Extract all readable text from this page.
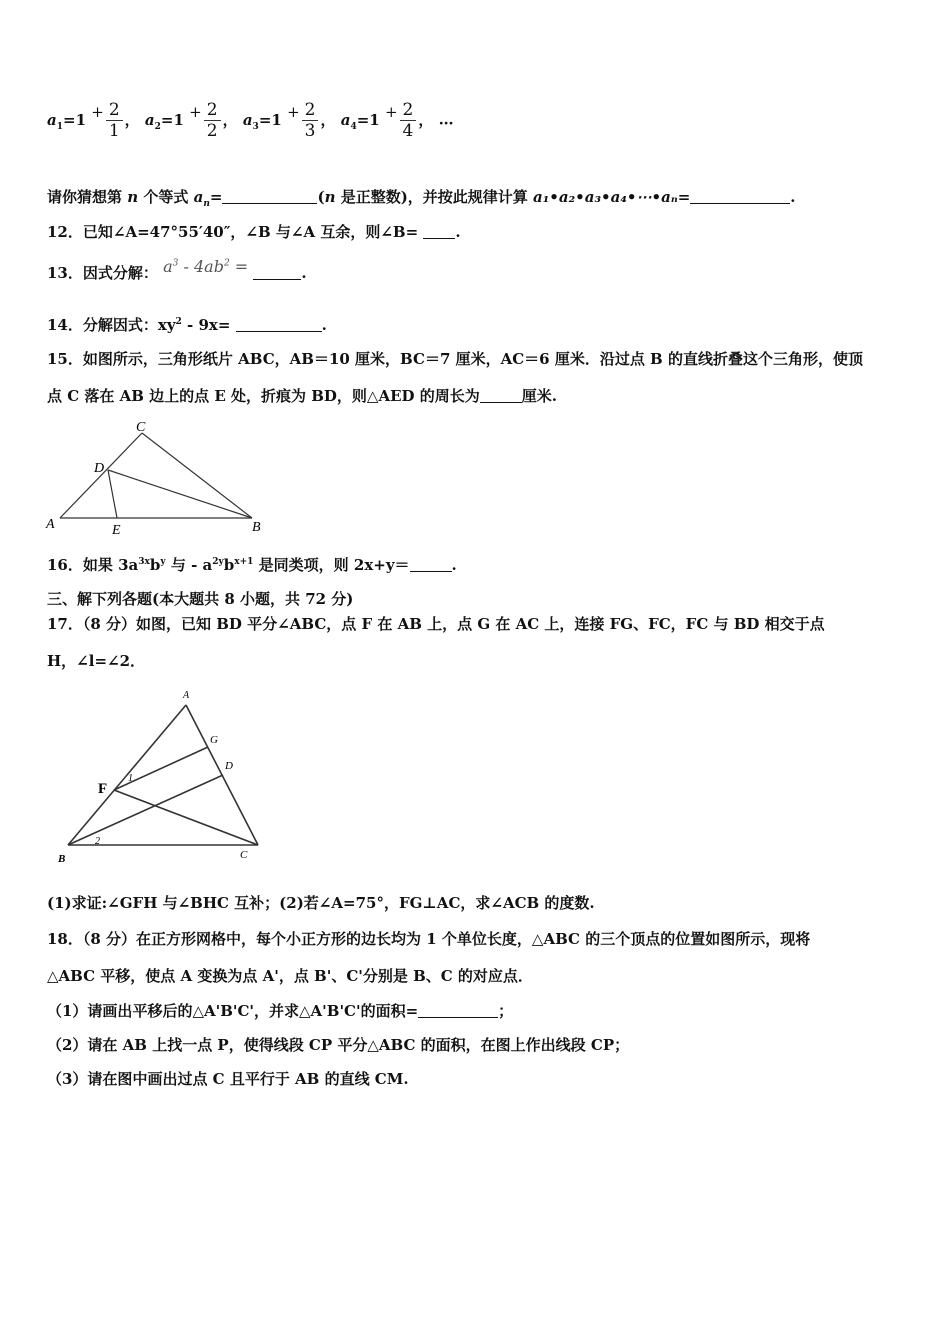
$a_1=1 + \frac{2}{1}$ ， $a_2=1 + \frac{2}{2}$ ， $a_3=1 + \frac{2}{3}$ ， $a_4=1 + \frac{2}{4}$ ， …
请你猜想第 n 个等式 $a_n=$	(n 是正整数)，并按此规律计算 a₁•a₂•a₃•a₄•⋯•aₙ=	.
12．已知∠A=47°55′40″，∠B 与∠A 互余，则∠B= .
13．因式分解： $a^3 - 4ab^2$ =	.
14．分解因式：$xy^2 - 9x=$	.
15．如图所示，三角形纸片 ABC，AB＝10 厘米，BC＝7 厘米，AC＝6 厘米．沿过点 B 的直线折叠这个三角形，使顶
点 C 落在 AB 边上的点 E 处，折痕为 BD，则△AED 的周长为	厘米.
C
D
A	E	B
16．如果 $3a^{3x}b^y$ 与 - $a^{2y}b^{x+1}$ 是同类项，则 2x+y＝	.
三、解下列各题(本大题共 8 小题，共 72 分)
17．（8 分）如图，已知 BD 平分∠ABC，点 F 在 AB 上，点 G 在 AC 上，连接 FG、FC，FC 与 BD 相交于点
H，∠l=∠2．
A
G
D
F
1
2
B	C
(1)求证:∠GFH 与∠BHC 互补；(2)若∠A=75°，FG⊥AC，求∠ACB 的度数.
18．（8 分）在正方形网格中，每个小正方形的边长均为 1 个单位长度，△ABC 的三个顶点的位置如图所示，现将
△ABC 平移，使点 A 变换为点 A'，点 B'、C'分别是 B、C 的对应点．
（1）请画出平移后的△A'B'C'，并求△A'B'C'的面积=	；
（2）请在 AB 上找一点 P，使得线段 CP 平分△ABC 的面积，在图上作出线段 CP；
（3）请在图中画出过点 C 且平行于 AB 的直线 CM.
